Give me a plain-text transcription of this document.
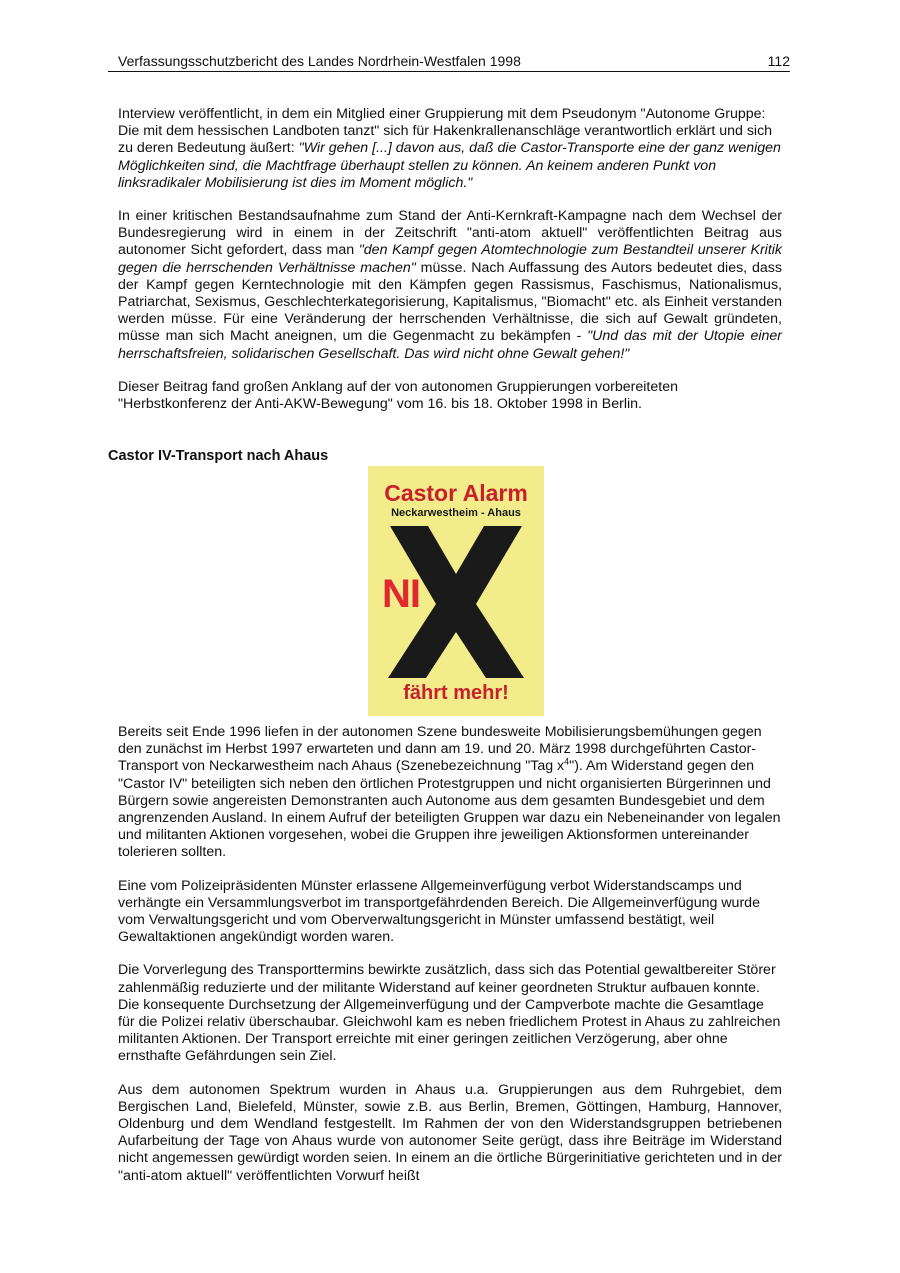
Verfassungsschutzbericht des Landes Nordrhein-Westfalen 1998	112

Interview veröffentlicht, in dem ein Mitglied einer Gruppierung mit dem Pseudonym "Autonome Gruppe: Die mit dem hessischen Landboten tanzt" sich für Hakenkrallenanschläge verantwortlich erklärt und sich zu deren Bedeutung äußert: "Wir gehen [...] davon aus, daß die Castor-Transporte eine der ganz wenigen Möglichkeiten sind, die Machtfrage überhaupt stellen zu können. An keinem anderen Punkt von linksradikaler Mobilisierung ist dies im Moment möglich."

In einer kritischen Bestandsaufnahme zum Stand der Anti-Kernkraft-Kampagne nach dem Wechsel der Bundesregierung wird in einem in der Zeitschrift "anti-atom aktuell" veröffentlichten Beitrag aus autonomer Sicht gefordert, dass man "den Kampf gegen Atomtechnologie zum Bestandteil unserer Kritik gegen die herrschenden Verhältnisse machen" müsse. Nach Auffassung des Autors bedeutet dies, dass der Kampf gegen Kerntechnologie mit den Kämpfen gegen Rassismus, Faschismus, Nationalismus, Patriarchat, Sexismus, Geschlechterkategorisierung, Kapitalismus, "Biomacht" etc. als Einheit verstanden werden müsse. Für eine Veränderung der herrschenden Verhältnisse, die sich auf Gewalt gründeten, müsse man sich Macht aneignen, um die Gegenmacht zu bekämpfen - "Und das mit der Utopie einer herrschaftsfreien, solidarischen Gesellschaft. Das wird nicht ohne Gewalt gehen!"

Dieser Beitrag fand großen Anklang auf der von autonomen Gruppierungen vorbereiteten "Herbstkonferenz der Anti-AKW-Bewegung" vom 16. bis 18. Oktober 1998 in Berlin.

Castor IV-Transport nach Ahaus
Castor Alarm
Neckarwestheim - Ahaus
NI
fährt mehr!

Bereits seit Ende 1996 liefen in der autonomen Szene bundesweite Mobilisierungsbemühungen gegen den zunächst im Herbst 1997 erwarteten und dann am 19. und 20. März 1998 durchgeführten Castor-Transport von Neckarwestheim nach Ahaus (Szenebezeichnung "Tag $x^4$"). Am Widerstand gegen den "Castor IV" beteiligten sich neben den örtlichen Protestgruppen und nicht organisierten Bürgerinnen und Bürgern sowie angereisten Demonstranten auch Autonome aus dem gesamten Bundesgebiet und dem angrenzenden Ausland. In einem Aufruf der beteiligten Gruppen war dazu ein Nebeneinander von legalen und militanten Aktionen vorgesehen, wobei die Gruppen ihre jeweiligen Aktionsformen untereinander tolerieren sollten.

Eine vom Polizeipräsidenten Münster erlassene Allgemeinverfügung verbot Widerstandscamps und verhängte ein Versammlungsverbot im transportgefährdenden Bereich. Die Allgemeinverfügung wurde vom Verwaltungsgericht und vom Oberverwaltungsgericht in Münster umfassend bestätigt, weil Gewaltaktionen angekündigt worden waren.

Die Vorverlegung des Transporttermins bewirkte zusätzlich, dass sich das Potential gewaltbereiter Störer zahlenmäßig reduzierte und der militante Widerstand auf keiner geordneten Struktur aufbauen konnte. Die konsequente Durchsetzung der Allgemeinverfügung und der Campverbote machte die Gesamtlage für die Polizei relativ überschaubar. Gleichwohl kam es neben friedlichem Protest in Ahaus zu zahlreichen militanten Aktionen. Der Transport erreichte mit einer geringen zeitlichen Verzögerung, aber ohne ernsthafte Gefährdungen sein Ziel.

Aus dem autonomen Spektrum wurden in Ahaus u.a. Gruppierungen aus dem Ruhrgebiet, dem Bergischen Land, Bielefeld, Münster, sowie z.B. aus Berlin, Bremen, Göttingen, Hamburg, Hannover, Oldenburg und dem Wendland festgestellt. Im Rahmen der von den Widerstandsgruppen betriebenen Aufarbeitung der Tage von Ahaus wurde von autonomer Seite gerügt, dass ihre Beiträge im Widerstand nicht angemessen gewürdigt worden seien. In einem an die örtliche Bürgerinitiative gerichteten und in der "anti-atom aktuell" veröffentlichten Vorwurf heißt
